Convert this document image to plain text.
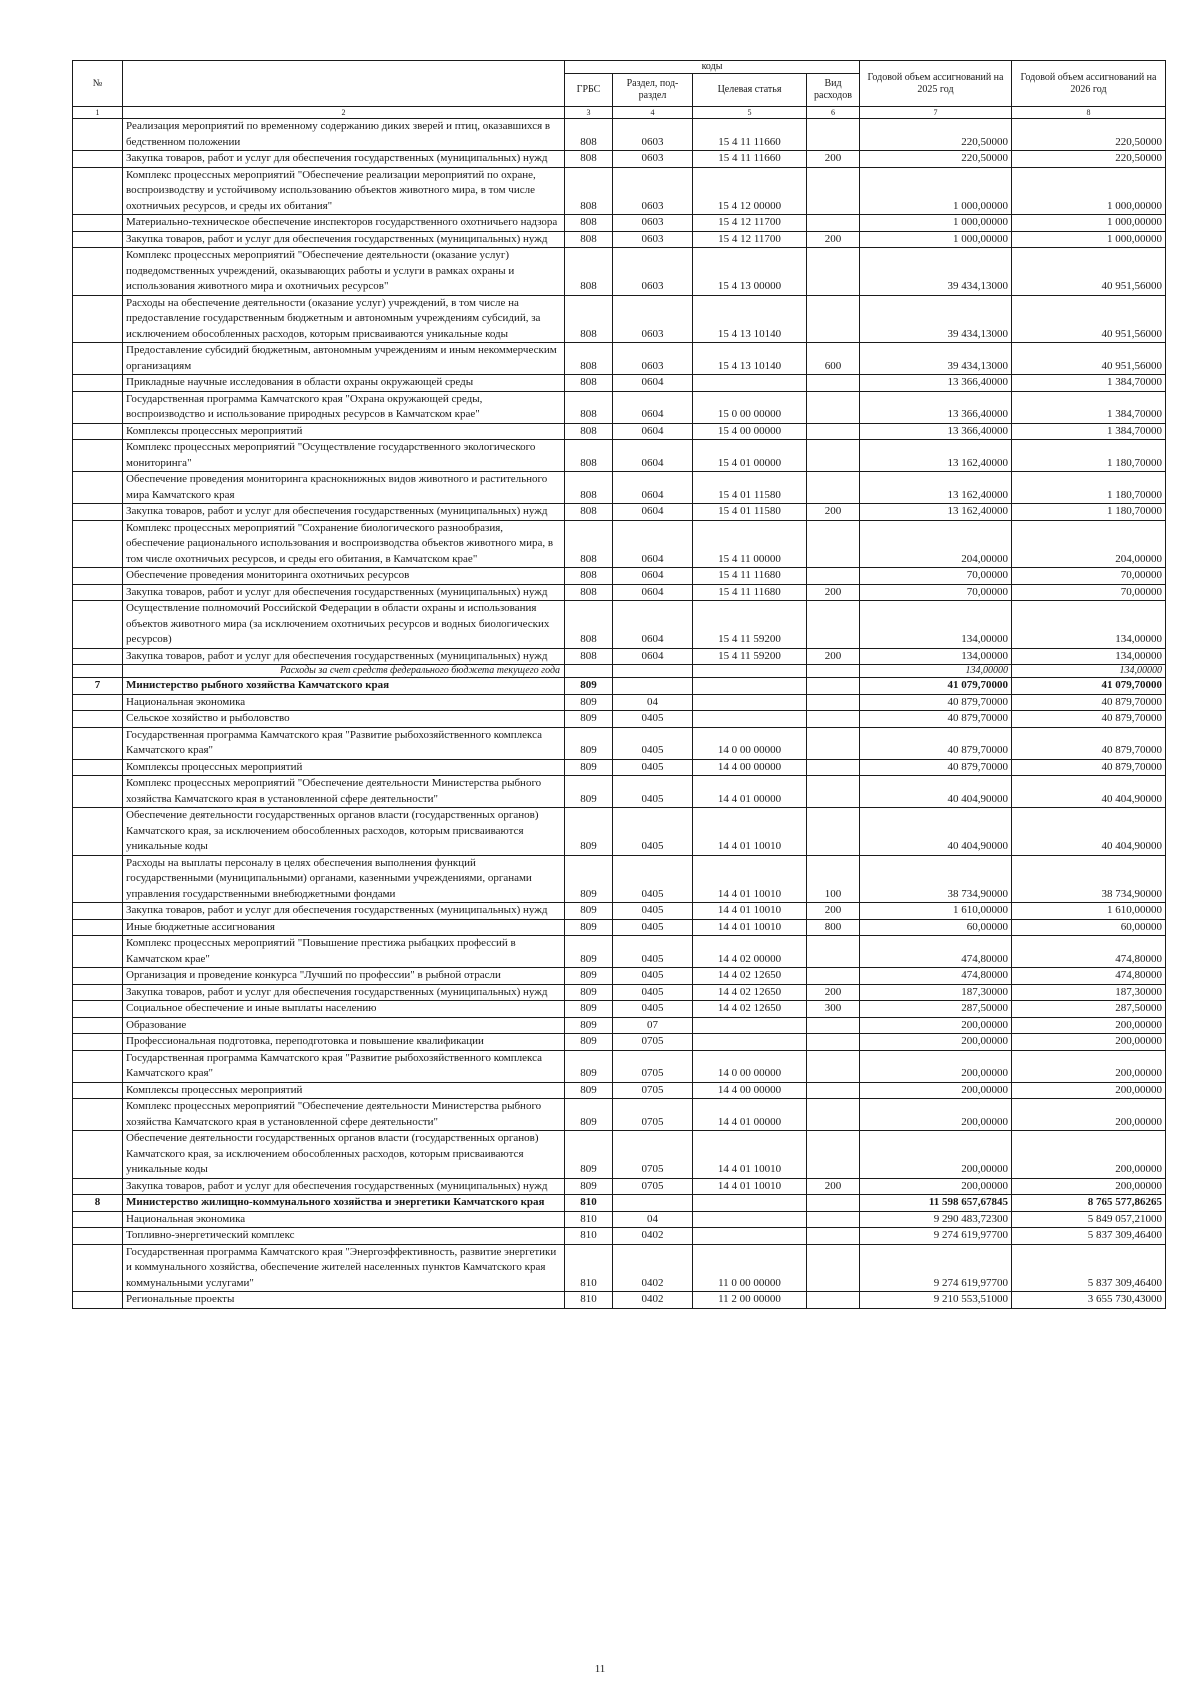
№		коды				Годовой объем ассигнований на 2025 год	Годовой объем ассигнований на 2026 год
		ГРБС	Раздел, под-раздел	Целевая статья	Вид расходов		
1	2	3	4	5	6	7	8
	Реализация мероприятий по временному содержанию диких зверей и птиц, оказавшихся в бедственном положении	808	0603	15 4 11 11660		220,50000	220,50000
	Закупка товаров, работ и услуг для обеспечения государственных (муниципальных) нужд	808	0603	15 4 11 11660	200	220,50000	220,50000
	Комплекс процессных мероприятий "Обеспечение реализации мероприятий по охране, воспроизводству и устойчивому использованию объектов животного мира, в том числе охотничьих ресурсов, и среды их обитания"	808	0603	15 4 12 00000		1 000,00000	1 000,00000
	Материально-техническое обеспечение инспекторов государственного охотничьего надзора	808	0603	15 4 12 11700		1 000,00000	1 000,00000
	Закупка товаров, работ и услуг для обеспечения государственных (муниципальных) нужд	808	0603	15 4 12 11700	200	1 000,00000	1 000,00000
	Комплекс процессных мероприятий "Обеспечение деятельности (оказание услуг) подведомственных учреждений, оказывающих работы и услуги в рамках охраны и использования животного мира и охотничьих ресурсов"	808	0603	15 4 13 00000		39 434,13000	40 951,56000
	Расходы на обеспечение деятельности (оказание услуг) учреждений, в том числе на предоставление государственным бюджетным и автономным учреждениям субсидий, за исключением обособленных расходов, которым присваиваются уникальные коды	808	0603	15 4 13 10140		39 434,13000	40 951,56000
	Предоставление субсидий бюджетным, автономным учреждениям и иным некоммерческим организациям	808	0603	15 4 13 10140	600	39 434,13000	40 951,56000
	Прикладные научные исследования в области охраны окружающей среды	808	0604			13 366,40000	1 384,70000
	Государственная программа Камчатского края "Охрана окружающей среды, воспроизводство и использование природных ресурсов в Камчатском крае"	808	0604	15 0 00 00000		13 366,40000	1 384,70000
	Комплексы процессных мероприятий	808	0604	15 4 00 00000		13 366,40000	1 384,70000
	Комплекс процессных мероприятий "Осуществление государственного экологического мониторинга"	808	0604	15 4 01 00000		13 162,40000	1 180,70000
	Обеспечение проведения мониторинга краснокнижных видов животного и растительного мира Камчатского края	808	0604	15 4 01 11580		13 162,40000	1 180,70000
	Закупка товаров, работ и услуг для обеспечения государственных (муниципальных) нужд	808	0604	15 4 01 11580	200	13 162,40000	1 180,70000
	Комплекс процессных мероприятий "Сохранение биологического разнообразия, обеспечение рационального использования и воспроизводства объектов животного мира, в том числе охотничьих ресурсов, и среды его обитания, в Камчатском крае"	808	0604	15 4 11 00000		204,00000	204,00000
	Обеспечение проведения мониторинга охотничьих ресурсов	808	0604	15 4 11 11680		70,00000	70,00000
	Закупка товаров, работ и услуг для обеспечения государственных (муниципальных) нужд	808	0604	15 4 11 11680	200	70,00000	70,00000
	Осуществление полномочий Российской Федерации в области охраны и использования объектов животного мира (за исключением охотничьих ресурсов и водных биологических ресурсов)	808	0604	15 4 11 59200		134,00000	134,00000
	Закупка товаров, работ и услуг для обеспечения государственных (муниципальных) нужд	808	0604	15 4 11 59200	200	134,00000	134,00000
	Расходы за счет средств федерального бюджета текущего года					134,00000	134,00000
7	Министерство рыбного хозяйства Камчатского края	809				41 079,70000	41 079,70000
	Национальная экономика	809	04			40 879,70000	40 879,70000
	Сельское хозяйство и рыболовство	809	0405			40 879,70000	40 879,70000
	Государственная программа Камчатского края "Развитие рыбохозяйственного комплекса Камчатского края"	809	0405	14 0 00 00000		40 879,70000	40 879,70000
	Комплексы процессных мероприятий	809	0405	14 4 00 00000		40 879,70000	40 879,70000
	Комплекс процессных мероприятий "Обеспечение деятельности Министерства рыбного хозяйства Камчатского края в установленной сфере деятельности"	809	0405	14 4 01 00000		40 404,90000	40 404,90000
	Обеспечение деятельности государственных органов власти (государственных органов) Камчатского края, за исключением обособленных расходов, которым присваиваются уникальные коды	809	0405	14 4 01 10010		40 404,90000	40 404,90000
	Расходы на выплаты персоналу в целях обеспечения выполнения функций государственными (муниципальными) органами, казенными учреждениями, органами управления государственными внебюджетными фондами	809	0405	14 4 01 10010	100	38 734,90000	38 734,90000
	Закупка товаров, работ и услуг для обеспечения государственных (муниципальных) нужд	809	0405	14 4 01 10010	200	1 610,00000	1 610,00000
	Иные бюджетные ассигнования	809	0405	14 4 01 10010	800	60,00000	60,00000
	Комплекс процессных мероприятий "Повышение престижа рыбацких профессий в Камчатском крае"	809	0405	14 4 02 00000		474,80000	474,80000
	Организация и проведение конкурса "Лучший по профессии" в рыбной отрасли	809	0405	14 4 02 12650		474,80000	474,80000
	Закупка товаров, работ и услуг для обеспечения государственных (муниципальных) нужд	809	0405	14 4 02 12650	200	187,30000	187,30000
	Социальное обеспечение и иные выплаты населению	809	0405	14 4 02 12650	300	287,50000	287,50000
	Образование	809	07			200,00000	200,00000
	Профессиональная подготовка, переподготовка и повышение квалификации	809	0705			200,00000	200,00000
	Государственная программа Камчатского края "Развитие рыбохозяйственного комплекса Камчатского края"	809	0705	14 0 00 00000		200,00000	200,00000
	Комплексы процессных мероприятий	809	0705	14 4 00 00000		200,00000	200,00000
	Комплекс процессных мероприятий "Обеспечение деятельности Министерства рыбного хозяйства Камчатского края в установленной сфере деятельности"	809	0705	14 4 01 00000		200,00000	200,00000
	Обеспечение деятельности государственных органов власти (государственных органов) Камчатского края, за исключением обособленных расходов, которым присваиваются уникальные коды	809	0705	14 4 01 10010		200,00000	200,00000
	Закупка товаров, работ и услуг для обеспечения государственных (муниципальных) нужд	809	0705	14 4 01 10010	200	200,00000	200,00000
8	Министерство жилищно-коммунального хозяйства и энергетики Камчатского края	810				11 598 657,67845	8 765 577,86265
	Национальная экономика	810	04			9 290 483,72300	5 849 057,21000
	Топливно-энергетический комплекс	810	0402			9 274 619,97700	5 837 309,46400
	Государственная программа Камчатского края "Энергоэффективность, развитие энергетики и коммунального хозяйства, обеспечение жителей населенных пунктов Камчатского края коммунальными услугами"	810	0402	11 0 00 00000		9 274 619,97700	5 837 309,46400
	Региональные проекты	810	0402	11 2 00 00000		9 210 553,51000	3 655 730,43000
11
